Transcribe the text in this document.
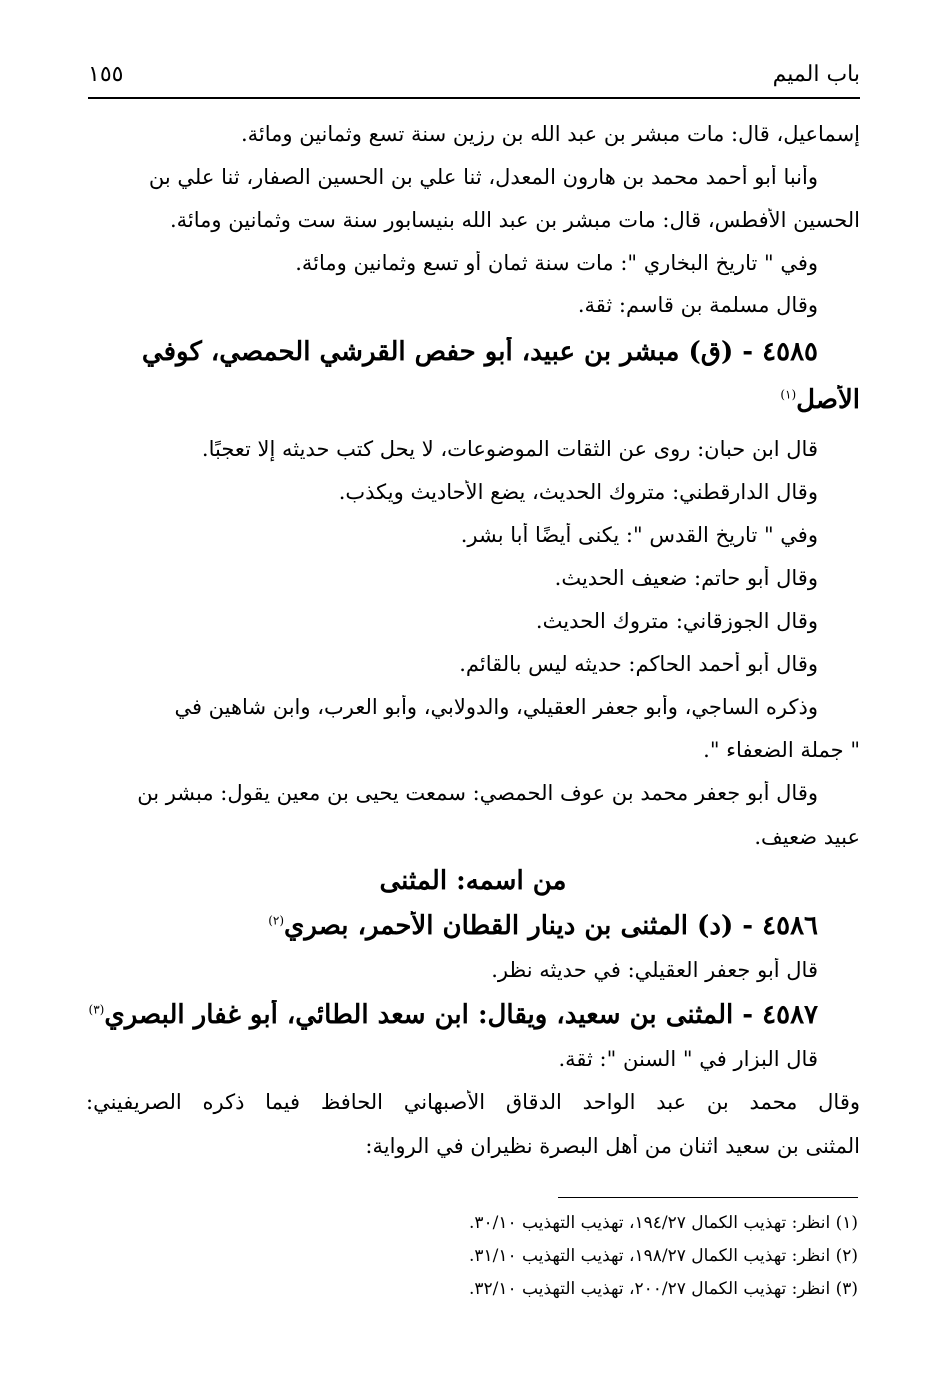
باب الميم
١٥٥
إسماعيل، قال: مات مبشر بن عبد الله بن رزين سنة تسع وثمانين ومائة.
وأنبا أبو أحمد محمد بن هارون المعدل، ثنا علي بن الحسين الصفار، ثنا علي بن
الحسين الأفطس، قال: مات مبشر بن عبد الله بنيسابور سنة ست وثمانين ومائة.
وفي " تاريخ البخاري ": مات سنة ثمان أو تسع وثمانين ومائة.
وقال مسلمة بن قاسم: ثقة.
٤٥٨٥ - (ق) مبشر بن عبيد، أبو حفص القرشي الحمصي، كوفي
الأصل$^{(١)}$
قال ابن حبان: روى عن الثقات الموضوعات، لا يحل كتب حديثه إلا تعجبًا.
وقال الدارقطني: متروك الحديث، يضع الأحاديث ويكذب.
وفي " تاريخ القدس ": يكنى أيضًا أبا بشر.
وقال أبو حاتم: ضعيف الحديث.
وقال الجوزقاني: متروك الحديث.
وقال أبو أحمد الحاكم: حديثه ليس بالقائم.
وذكره الساجي، وأبو جعفر العقيلي، والدولابي، وأبو العرب، وابن شاهين في
" جملة الضعفاء ".
وقال أبو جعفر محمد بن عوف الحمصي: سمعت يحيى بن معين يقول: مبشر بن
عبيد ضعيف.
من اسمه: المثنى
٤٥٨٦ - (د) المثنى بن دينار القطان الأحمر، بصري$^{(٢)}$
قال أبو جعفر العقيلي: في حديثه نظر.
٤٥٨٧ - المثنى بن سعيد، ويقال: ابن سعد الطائي، أبو غفار البصري$^{(٣)}$
قال البزار في " السنن ": ثقة.
وقال محمد بن عبد الواحد الدقاق الأصبهاني الحافظ فيما ذكره الصريفيني:
المثنى بن سعيد اثنان من أهل البصرة نظيران في الرواية:
(١) انظر: تهذيب الكمال ١٩٤/٢٧، تهذيب التهذيب ٣٠/١٠.
(٢) انظر: تهذيب الكمال ١٩٨/٢٧، تهذيب التهذيب ٣١/١٠.
(٣) انظر: تهذيب الكمال ٢٠٠/٢٧، تهذيب التهذيب ٣٢/١٠.
